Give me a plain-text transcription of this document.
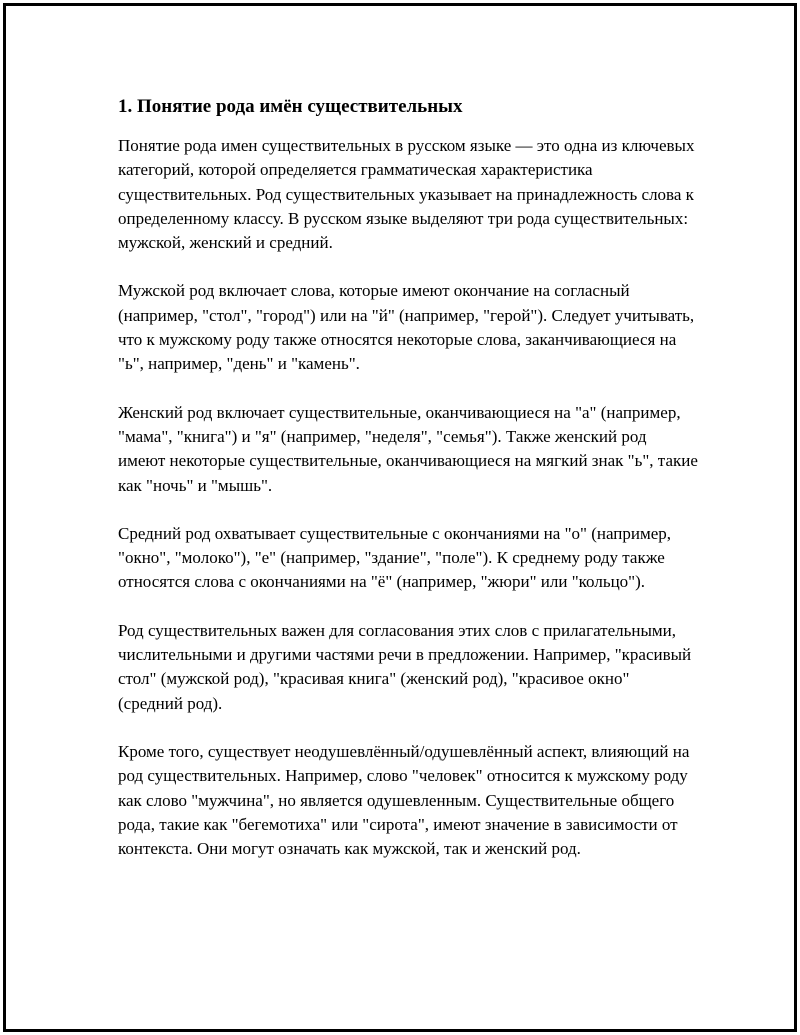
1. Понятие рода имён существительных

Понятие рода имен существительных в русском языке — это одна из ключевых категорий, которой определяется грамматическая характеристика существительных. Род существительных указывает на принадлежность слова к определенному классу. В русском языке выделяют три рода существительных: мужской, женский и средний.

Мужской род включает слова, которые имеют окончание на согласный (например, "стол", "город") или на "й" (например, "герой"). Следует учитывать, что к мужскому роду также относятся некоторые слова, заканчивающиеся на "ь", например, "день" и "камень".

Женский род включает существительные, оканчивающиеся на "а" (например, "мама", "книга") и "я" (например, "неделя", "семья"). Также женский род имеют некоторые существительные, оканчивающиеся на мягкий знак "ь", такие как "ночь" и "мышь".

Средний род охватывает существительные с окончаниями на "о" (например, "окно", "молоко"), "е" (например, "здание", "поле"). К среднему роду также относятся слова с окончаниями на "ё" (например, "жюри" или "кольцо").

Род существительных важен для согласования этих слов с прилагательными, числительными и другими частями речи в предложении. Например, "красивый стол" (мужской род), "красивая книга" (женский род), "красивое окно" (средний род).

Кроме того, существует неодушевлённый/одушевлённый аспект, влияющий на род существительных. Например, слово "человек" относится к мужскому роду как слово "мужчина", но является одушевленным. Существительные общего рода, такие как "бегемотиха" или "сирота", имеют значение в зависимости от контекста. Они могут означать как мужской, так и женский род.
